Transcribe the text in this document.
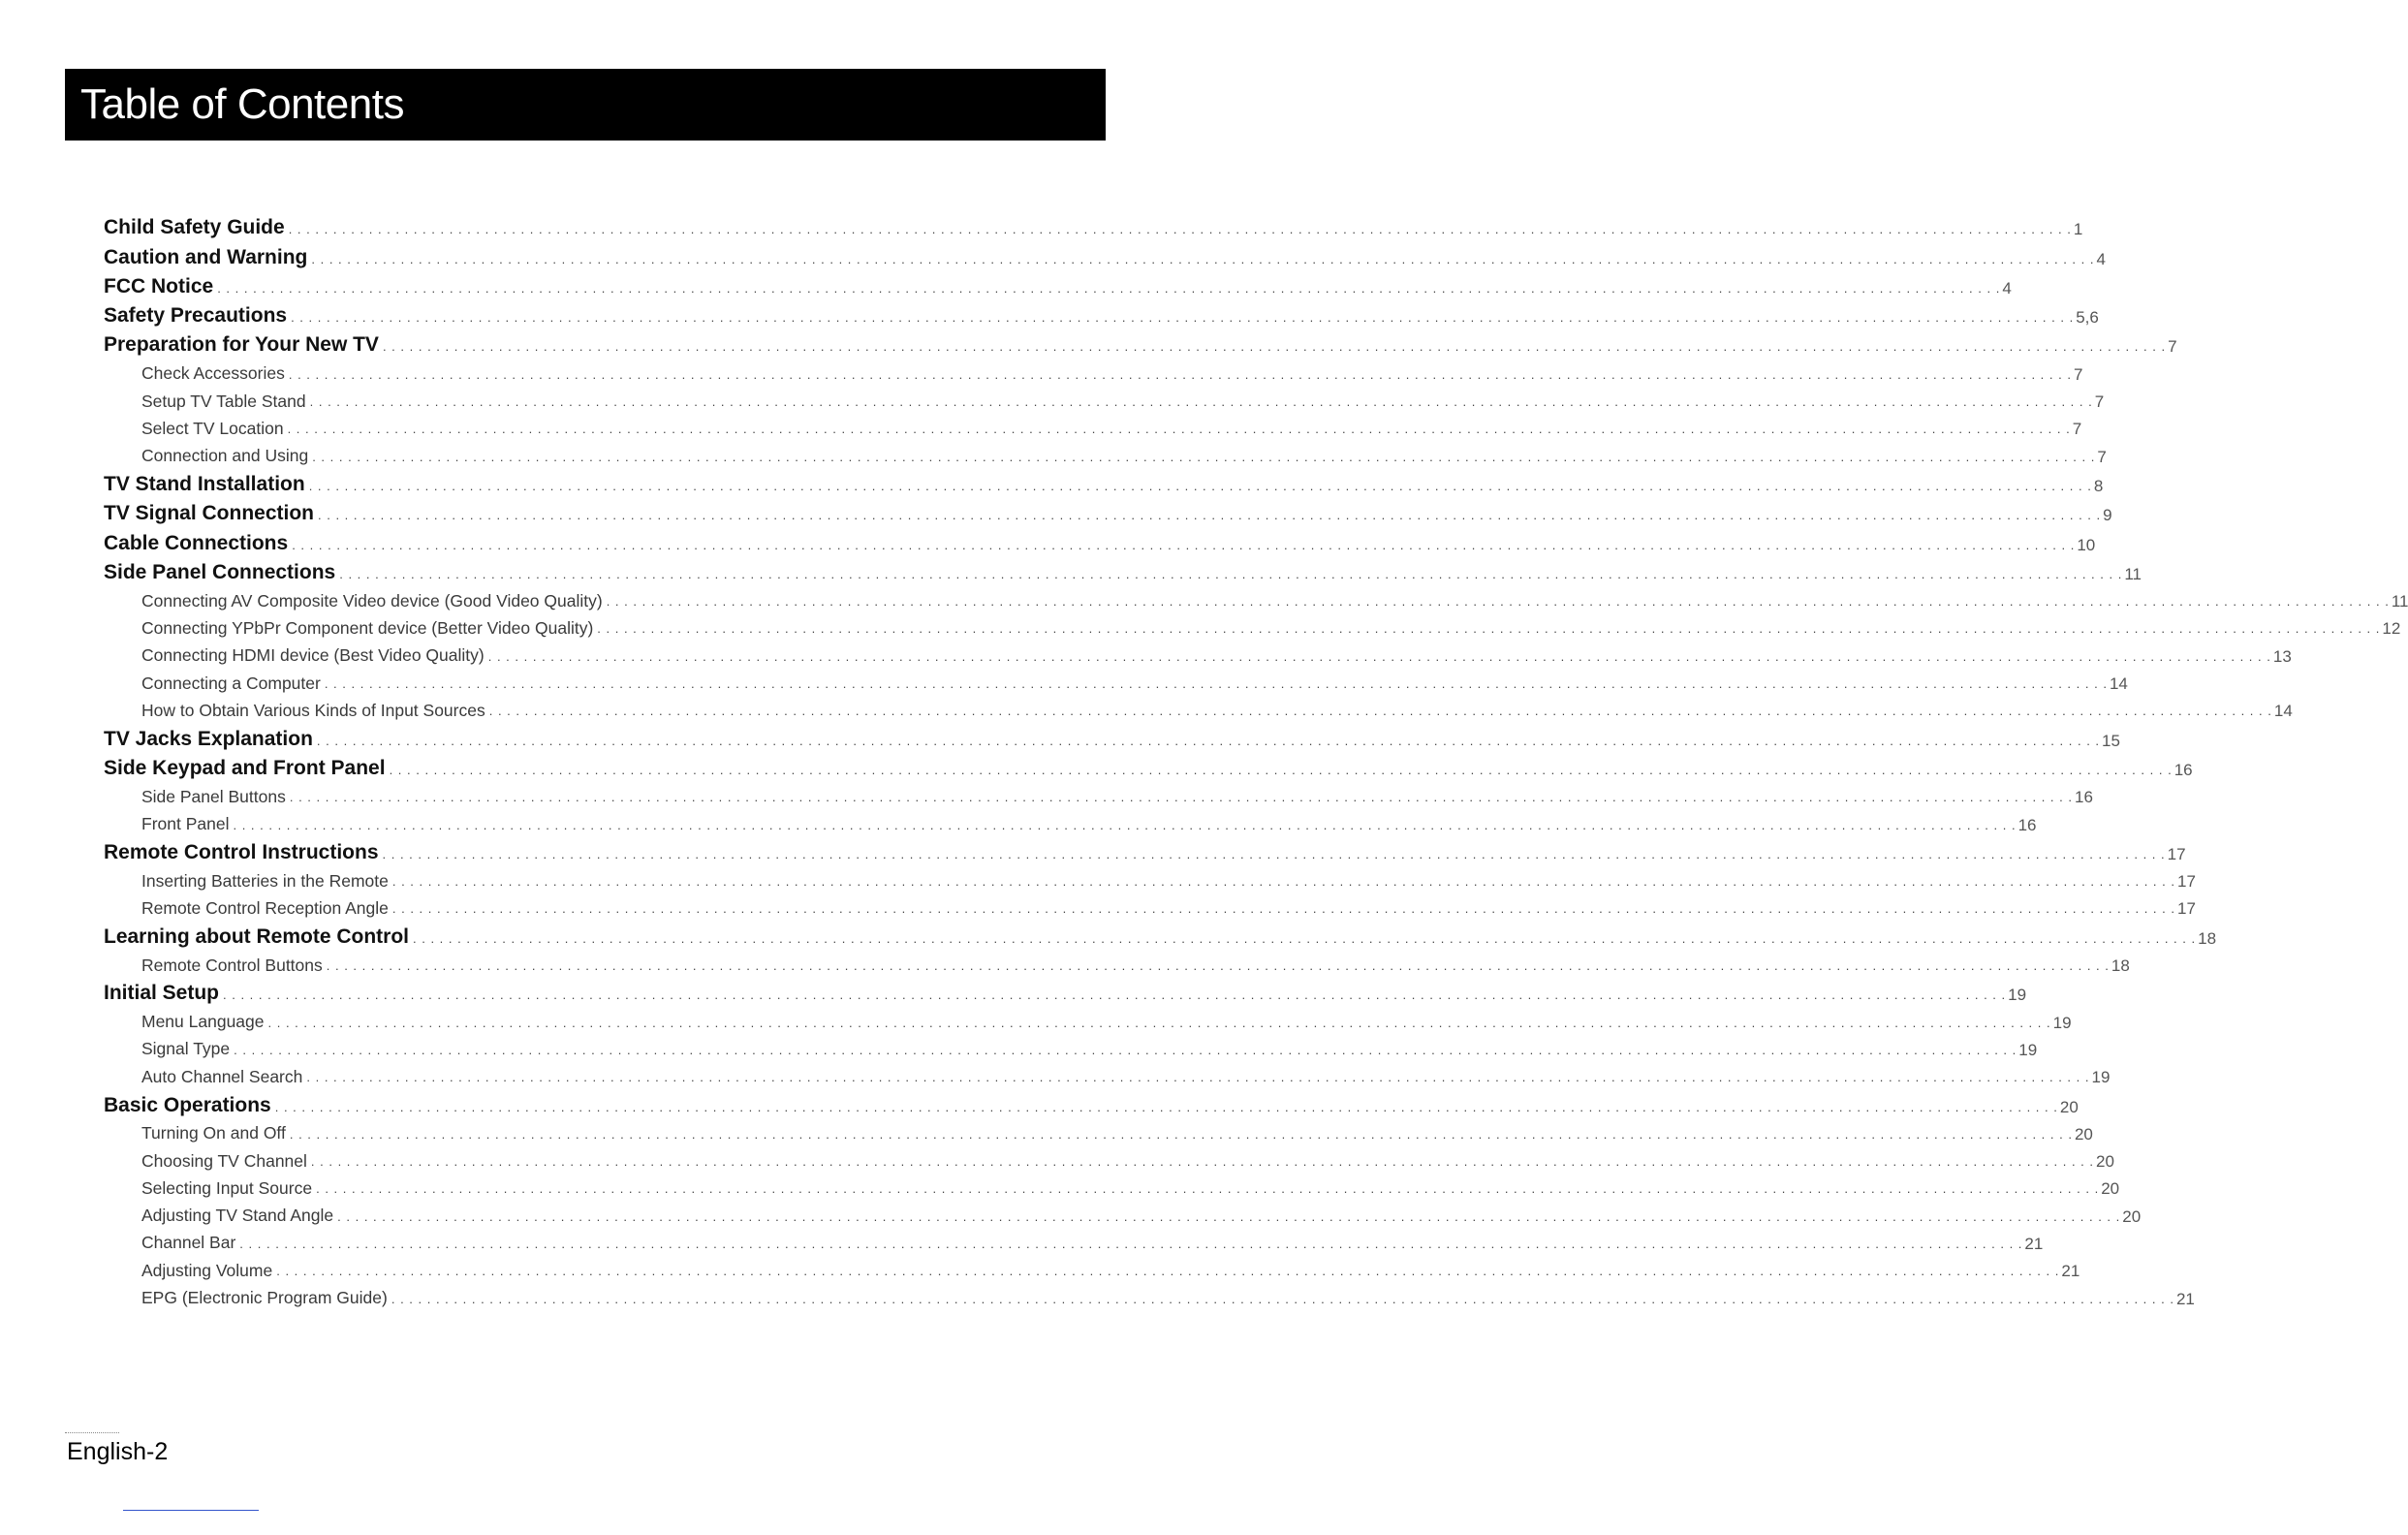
Table of Contents
Child Safety Guide . . . . . . . . . . . . . . . . . . . . . . . . . . . . . . . . . . . . . . . . . . . . . . . . . . . . . . . . . . . . . . . . . . . . . . . . . . . . . . . . . . . . . . . . . . . . . . . . . . . . . . . . . . . . . . . . . . . . . . . . . . . . . . . . . . . . . . . . . . . . . . . . . . . . . . . . . . . . . . . . . . . . . . . . . . . . . . . . . . . . . . . . . . . . . . . . . . . . . . . . 1
Caution and Warning . . . . . . . . . . . . . . . . . . . . . . . . . . . . . . . . . . . . . . . . . . . . . . . . . . . . . . . . . . . . . . . . . . . . . . . . . . . . . . . . . . . . . . . . . . . . . . . . . . . . . . . . . . . . . . . . . . . . . . . . . . . . . . . . . . . . . . . . . . . . . . . . . . . . . . . . . . . . . . . . . . . . . . . . . . . . . . . . . . . . . . . . . . . . . . . . . . . . . . . . 4
FCC Notice . . . . . . . . . . . . . . . . . . . . . . . . . . . . . . . . . . . . . . . . . . . . . . . . . . . . . . . . . . . . . . . . . . . . . . . . . . . . . . . . . . . . . . . . . . . . . . . . . . . . . . . . . . . . . . . . . . . . . . . . . . . . . . . . . . . . . . . . . . . . . . . . . . . . . . . . . . . . . . . . . . . . . . . . . . . . . . . . . . . . . . . . . . . . . . . . . . . . . . . . 4
Safety Precautions . . . . . . . . . . . . . . . . . . . . . . . . . . . . . . . . . . . . . . . . . . . . . . . . . . . . . . . . . . . . . . . . . . . . . . . . . . . . . . . . . . . . . . . . . . . . . . . . . . . . . . . . . . . . . . . . . . . . . . . . . . . . . . . . . . . . . . . . . . . . . . . . . . . . . . . . . . . . . . . . . . . . . . . . . . . . . . . . . . . . . . . . . . . . . . . . . . . . . . . . 5,6
Preparation for Your New TV . . . . . . . . . . . . . . . . . . . . . . . . . . . . . . . . . . . . . . . . . . . . . . . . . . . . . . . . . . . . . . . . . . . . . . . . . . . . . . . . . . . . . . . . . . . . . . . . . . . . . . . . . . . . . . . . . . . . . . . . . . . . . . . . . . . . . . . . . . . . . . . . . . . . . . . . . . . . . . . . . . . . . . . . . . . . . . . . . . . . . . . . . . . . . . . . . . . . . . . . 7
Check Accessories . . . . . . . . . . . . . . . . . . . . . . . . . . . . . . . . . . . . . . . . . . . . . . . . . . . . . . . . . . . . . . . . . . . . . . . . . . . . . . . . . . . . . . . . . . . . . . . . . . . . . . . . . . . . . . . . . . . . . . . . . . . . . . . . . . . . . . . . . . . . . . . . . . . . . . . . . . . . . . . . . . . . . . . . . . . . . . . . . . . . . . . . . . . . . . . . . . . . . . . . 7
Setup TV Table Stand . . . . . . . . . . . . . . . . . . . . . . . . . . . . . . . . . . . . . . . . . . . . . . . . . . . . . . . . . . . . . . . . . . . . . . . . . . . . . . . . . . . . . . . . . . . . . . . . . . . . . . . . . . . . . . . . . . . . . . . . . . . . . . . . . . . . . . . . . . . . . . . . . . . . . . . . . . . . . . . . . . . . . . . . . . . . . . . . . . . . . . . . . . . . . . . . . . . . . . . . 7
Select TV Location . . . . . . . . . . . . . . . . . . . . . . . . . . . . . . . . . . . . . . . . . . . . . . . . . . . . . . . . . . . . . . . . . . . . . . . . . . . . . . . . . . . . . . . . . . . . . . . . . . . . . . . . . . . . . . . . . . . . . . . . . . . . . . . . . . . . . . . . . . . . . . . . . . . . . . . . . . . . . . . . . . . . . . . . . . . . . . . . . . . . . . . . . . . . . . . . . . . . . . . . 7
Connection and Using . . . . . . . . . . . . . . . . . . . . . . . . . . . . . . . . . . . . . . . . . . . . . . . . . . . . . . . . . . . . . . . . . . . . . . . . . . . . . . . . . . . . . . . . . . . . . . . . . . . . . . . . . . . . . . . . . . . . . . . . . . . . . . . . . . . . . . . . . . . . . . . . . . . . . . . . . . . . . . . . . . . . . . . . . . . . . . . . . . . . . . . . . . . . . . . . . . . . . . . . 7
TV Stand Installation . . . . . . . . . . . . . . . . . . . . . . . . . . . . . . . . . . . . . . . . . . . . . . . . . . . . . . . . . . . . . . . . . . . . . . . . . . . . . . . . . . . . . . . . . . . . . . . . . . . . . . . . . . . . . . . . . . . . . . . . . . . . . . . . . . . . . . . . . . . . . . . . . . . . . . . . . . . . . . . . . . . . . . . . . . . . . . . . . . . . . . . . . . . . . . . . . . . . . . . . 8
TV Signal Connection . . . . . . . . . . . . . . . . . . . . . . . . . . . . . . . . . . . . . . . . . . . . . . . . . . . . . . . . . . . . . . . . . . . . . . . . . . . . . . . . . . . . . . . . . . . . . . . . . . . . . . . . . . . . . . . . . . . . . . . . . . . . . . . . . . . . . . . . . . . . . . . . . . . . . . . . . . . . . . . . . . . . . . . . . . . . . . . . . . . . . . . . . . . . . . . . . . . . . . . . 9
Cable Connections . . . . . . . . . . . . . . . . . . . . . . . . . . . . . . . . . . . . . . . . . . . . . . . . . . . . . . . . . . . . . . . . . . . . . . . . . . . . . . . . . . . . . . . . . . . . . . . . . . . . . . . . . . . . . . . . . . . . . . . . . . . . . . . . . . . . . . . . . . . . . . . . . . . . . . . . . . . . . . . . . . . . . . . . . . . . . . . . . . . . . . . . . . . . . . . . . . . . . . . . 10
Side Panel Connections . . . . . . . . . . . . . . . . . . . . . . . . . . . . . . . . . . . . . . . . . . . . . . . . . . . . . . . . . . . . . . . . . . . . . . . . . . . . . . . . . . . . . . . . . . . . . . . . . . . . . . . . . . . . . . . . . . . . . . . . . . . . . . . . . . . . . . . . . . . . . . . . . . . . . . . . . . . . . . . . . . . . . . . . . . . . . . . . . . . . . . . . . . . . . . . . . . . . . . . . 11
Connecting AV Composite Video device (Good Video Quality) . . . . . . . . . . . . . . . . . . . . . . . . . . . . . . . . . . . . . . . . . . . . . . . . . . . . . . . . . . . . . . . . . . . . . . . . . . . . . . . . . . . . . . . . . . . . . . . . . . . . . . . . . . . . . . . . . . . . . . . . . . . . . . . . . . . . . . . . . . . . . . . . . . . . . . . . . . . . . . . . . . . . . . . . . . . . . . . . . . . . . . . . . . . . . . . . . . . . . . . . 11
Connecting YPbPr Component device (Better Video Quality) . . . . . . . . . . . . . . . . . . . . . . . . . . . . . . . . . . . . . . . . . . . . . . . . . . . . . . . . . . . . . . . . . . . . . . . . . . . . . . . . . . . . . . . . . . . . . . . . . . . . . . . . . . . . . . . . . . . . . . . . . . . . . . . . . . . . . . . . . . . . . . . . . . . . . . . . . . . . . . . . . . . . . . . . . . . . . . . . . . . . . . . . . . . . . . . . . . . . . . . . 12
Connecting HDMI device (Best Video Quality) . . . . . . . . . . . . . . . . . . . . . . . . . . . . . . . . . . . . . . . . . . . . . . . . . . . . . . . . . . . . . . . . . . . . . . . . . . . . . . . . . . . . . . . . . . . . . . . . . . . . . . . . . . . . . . . . . . . . . . . . . . . . . . . . . . . . . . . . . . . . . . . . . . . . . . . . . . . . . . . . . . . . . . . . . . . . . . . . . . . . . . . . . . . . . . . . . . . . . . . . 13
Connecting a Computer . . . . . . . . . . . . . . . . . . . . . . . . . . . . . . . . . . . . . . . . . . . . . . . . . . . . . . . . . . . . . . . . . . . . . . . . . . . . . . . . . . . . . . . . . . . . . . . . . . . . . . . . . . . . . . . . . . . . . . . . . . . . . . . . . . . . . . . . . . . . . . . . . . . . . . . . . . . . . . . . . . . . . . . . . . . . . . . . . . . . . . . . . . . . . . . . . . . . . . . . 14
How to Obtain Various Kinds of Input Sources . . . . . . . . . . . . . . . . . . . . . . . . . . . . . . . . . . . . . . . . . . . . . . . . . . . . . . . . . . . . . . . . . . . . . . . . . . . . . . . . . . . . . . . . . . . . . . . . . . . . . . . . . . . . . . . . . . . . . . . . . . . . . . . . . . . . . . . . . . . . . . . . . . . . . . . . . . . . . . . . . . . . . . . . . . . . . . . . . . . . . . . . . . . . . . . . . . . . . . . . 14
TV Jacks Explanation . . . . . . . . . . . . . . . . . . . . . . . . . . . . . . . . . . . . . . . . . . . . . . . . . . . . . . . . . . . . . . . . . . . . . . . . . . . . . . . . . . . . . . . . . . . . . . . . . . . . . . . . . . . . . . . . . . . . . . . . . . . . . . . . . . . . . . . . . . . . . . . . . . . . . . . . . . . . . . . . . . . . . . . . . . . . . . . . . . . . . . . . . . . . . . . . . . . . . . . . 15
Side Keypad and Front Panel . . . . . . . . . . . . . . . . . . . . . . . . . . . . . . . . . . . . . . . . . . . . . . . . . . . . . . . . . . . . . . . . . . . . . . . . . . . . . . . . . . . . . . . . . . . . . . . . . . . . . . . . . . . . . . . . . . . . . . . . . . . . . . . . . . . . . . . . . . . . . . . . . . . . . . . . . . . . . . . . . . . . . . . . . . . . . . . . . . . . . . . . . . . . . . . . . . . . . . . . 16
Side Panel Buttons . . . . . . . . . . . . . . . . . . . . . . . . . . . . . . . . . . . . . . . . . . . . . . . . . . . . . . . . . . . . . . . . . . . . . . . . . . . . . . . . . . . . . . . . . . . . . . . . . . . . . . . . . . . . . . . . . . . . . . . . . . . . . . . . . . . . . . . . . . . . . . . . . . . . . . . . . . . . . . . . . . . . . . . . . . . . . . . . . . . . . . . . . . . . . . . . . . . . . . . . 16
Front Panel . . . . . . . . . . . . . . . . . . . . . . . . . . . . . . . . . . . . . . . . . . . . . . . . . . . . . . . . . . . . . . . . . . . . . . . . . . . . . . . . . . . . . . . . . . . . . . . . . . . . . . . . . . . . . . . . . . . . . . . . . . . . . . . . . . . . . . . . . . . . . . . . . . . . . . . . . . . . . . . . . . . . . . . . . . . . . . . . . . . . . . . . . . . . . . . . . . . . . . . . 16
Remote Control Instructions . . . . . . . . . . . . . . . . . . . . . . . . . . . . . . . . . . . . . . . . . . . . . . . . . . . . . . . . . . . . . . . . . . . . . . . . . . . . . . . . . . . . . . . . . . . . . . . . . . . . . . . . . . . . . . . . . . . . . . . . . . . . . . . . . . . . . . . . . . . . . . . . . . . . . . . . . . . . . . . . . . . . . . . . . . . . . . . . . . . . . . . . . . . . . . . . . . . . . . . . 17
Inserting Batteries in the Remote . . . . . . . . . . . . . . . . . . . . . . . . . . . . . . . . . . . . . . . . . . . . . . . . . . . . . . . . . . . . . . . . . . . . . . . . . . . . . . . . . . . . . . . . . . . . . . . . . . . . . . . . . . . . . . . . . . . . . . . . . . . . . . . . . . . . . . . . . . . . . . . . . . . . . . . . . . . . . . . . . . . . . . . . . . . . . . . . . . . . . . . . . . . . . . . . . . . . . . . . 17
Remote Control Reception Angle . . . . . . . . . . . . . . . . . . . . . . . . . . . . . . . . . . . . . . . . . . . . . . . . . . . . . . . . . . . . . . . . . . . . . . . . . . . . . . . . . . . . . . . . . . . . . . . . . . . . . . . . . . . . . . . . . . . . . . . . . . . . . . . . . . . . . . . . . . . . . . . . . . . . . . . . . . . . . . . . . . . . . . . . . . . . . . . . . . . . . . . . . . . . . . . . . . . . . . . . 17
Learning about Remote Control . . . . . . . . . . . . . . . . . . . . . . . . . . . . . . . . . . . . . . . . . . . . . . . . . . . . . . . . . . . . . . . . . . . . . . . . . . . . . . . . . . . . . . . . . . . . . . . . . . . . . . . . . . . . . . . . . . . . . . . . . . . . . . . . . . . . . . . . . . . . . . . . . . . . . . . . . . . . . . . . . . . . . . . . . . . . . . . . . . . . . . . . . . . . . . . . . . . . . . . . 18
Remote Control Buttons . . . . . . . . . . . . . . . . . . . . . . . . . . . . . . . . . . . . . . . . . . . . . . . . . . . . . . . . . . . . . . . . . . . . . . . . . . . . . . . . . . . . . . . . . . . . . . . . . . . . . . . . . . . . . . . . . . . . . . . . . . . . . . . . . . . . . . . . . . . . . . . . . . . . . . . . . . . . . . . . . . . . . . . . . . . . . . . . . . . . . . . . . . . . . . . . . . . . . . . . 18
Initial Setup . . . . . . . . . . . . . . . . . . . . . . . . . . . . . . . . . . . . . . . . . . . . . . . . . . . . . . . . . . . . . . . . . . . . . . . . . . . . . . . . . . . . . . . . . . . . . . . . . . . . . . . . . . . . . . . . . . . . . . . . . . . . . . . . . . . . . . . . . . . . . . . . . . . . . . . . . . . . . . . . . . . . . . . . . . . . . . . . . . . . . . . . . . . . . . . . . . . . . . . . 19
Menu Language . . . . . . . . . . . . . . . . . . . . . . . . . . . . . . . . . . . . . . . . . . . . . . . . . . . . . . . . . . . . . . . . . . . . . . . . . . . . . . . . . . . . . . . . . . . . . . . . . . . . . . . . . . . . . . . . . . . . . . . . . . . . . . . . . . . . . . . . . . . . . . . . . . . . . . . . . . . . . . . . . . . . . . . . . . . . . . . . . . . . . . . . . . . . . . . . . . . . . . . . 19
Signal Type . . . . . . . . . . . . . . . . . . . . . . . . . . . . . . . . . . . . . . . . . . . . . . . . . . . . . . . . . . . . . . . . . . . . . . . . . . . . . . . . . . . . . . . . . . . . . . . . . . . . . . . . . . . . . . . . . . . . . . . . . . . . . . . . . . . . . . . . . . . . . . . . . . . . . . . . . . . . . . . . . . . . . . . . . . . . . . . . . . . . . . . . . . . . . . . . . . . . . . . . 19
Auto Channel Search . . . . . . . . . . . . . . . . . . . . . . . . . . . . . . . . . . . . . . . . . . . . . . . . . . . . . . . . . . . . . . . . . . . . . . . . . . . . . . . . . . . . . . . . . . . . . . . . . . . . . . . . . . . . . . . . . . . . . . . . . . . . . . . . . . . . . . . . . . . . . . . . . . . . . . . . . . . . . . . . . . . . . . . . . . . . . . . . . . . . . . . . . . . . . . . . . . . . . . . . 19
Basic Operations . . . . . . . . . . . . . . . . . . . . . . . . . . . . . . . . . . . . . . . . . . . . . . . . . . . . . . . . . . . . . . . . . . . . . . . . . . . . . . . . . . . . . . . . . . . . . . . . . . . . . . . . . . . . . . . . . . . . . . . . . . . . . . . . . . . . . . . . . . . . . . . . . . . . . . . . . . . . . . . . . . . . . . . . . . . . . . . . . . . . . . . . . . . . . . . . . . . . . . . . 20
Turning On and Off . . . . . . . . . . . . . . . . . . . . . . . . . . . . . . . . . . . . . . . . . . . . . . . . . . . . . . . . . . . . . . . . . . . . . . . . . . . . . . . . . . . . . . . . . . . . . . . . . . . . . . . . . . . . . . . . . . . . . . . . . . . . . . . . . . . . . . . . . . . . . . . . . . . . . . . . . . . . . . . . . . . . . . . . . . . . . . . . . . . . . . . . . . . . . . . . . . . . . . . . 20
Choosing TV Channel . . . . . . . . . . . . . . . . . . . . . . . . . . . . . . . . . . . . . . . . . . . . . . . . . . . . . . . . . . . . . . . . . . . . . . . . . . . . . . . . . . . . . . . . . . . . . . . . . . . . . . . . . . . . . . . . . . . . . . . . . . . . . . . . . . . . . . . . . . . . . . . . . . . . . . . . . . . . . . . . . . . . . . . . . . . . . . . . . . . . . . . . . . . . . . . . . . . . . . . . 20
Selecting Input Source . . . . . . . . . . . . . . . . . . . . . . . . . . . . . . . . . . . . . . . . . . . . . . . . . . . . . . . . . . . . . . . . . . . . . . . . . . . . . . . . . . . . . . . . . . . . . . . . . . . . . . . . . . . . . . . . . . . . . . . . . . . . . . . . . . . . . . . . . . . . . . . . . . . . . . . . . . . . . . . . . . . . . . . . . . . . . . . . . . . . . . . . . . . . . . . . . . . . . . . . 20
Adjusting TV Stand Angle . . . . . . . . . . . . . . . . . . . . . . . . . . . . . . . . . . . . . . . . . . . . . . . . . . . . . . . . . . . . . . . . . . . . . . . . . . . . . . . . . . . . . . . . . . . . . . . . . . . . . . . . . . . . . . . . . . . . . . . . . . . . . . . . . . . . . . . . . . . . . . . . . . . . . . . . . . . . . . . . . . . . . . . . . . . . . . . . . . . . . . . . . . . . . . . . . . . . . . . . 20
Channel Bar . . . . . . . . . . . . . . . . . . . . . . . . . . . . . . . . . . . . . . . . . . . . . . . . . . . . . . . . . . . . . . . . . . . . . . . . . . . . . . . . . . . . . . . . . . . . . . . . . . . . . . . . . . . . . . . . . . . . . . . . . . . . . . . . . . . . . . . . . . . . . . . . . . . . . . . . . . . . . . . . . . . . . . . . . . . . . . . . . . . . . . . . . . . . . . . . . . . . . . . . 21
Adjusting Volume . . . . . . . . . . . . . . . . . . . . . . . . . . . . . . . . . . . . . . . . . . . . . . . . . . . . . . . . . . . . . . . . . . . . . . . . . . . . . . . . . . . . . . . . . . . . . . . . . . . . . . . . . . . . . . . . . . . . . . . . . . . . . . . . . . . . . . . . . . . . . . . . . . . . . . . . . . . . . . . . . . . . . . . . . . . . . . . . . . . . . . . . . . . . . . . . . . . . . . . . 21
EPG (Electronic Program Guide) . . . . . . . . . . . . . . . . . . . . . . . . . . . . . . . . . . . . . . . . . . . . . . . . . . . . . . . . . . . . . . . . . . . . . . . . . . . . . . . . . . . . . . . . . . . . . . . . . . . . . . . . . . . . . . . . . . . . . . . . . . . . . . . . . . . . . . . . . . . . . . . . . . . . . . . . . . . . . . . . . . . . . . . . . . . . . . . . . . . . . . . . . . . . . . . . . . . . . . . . 21
English-2
